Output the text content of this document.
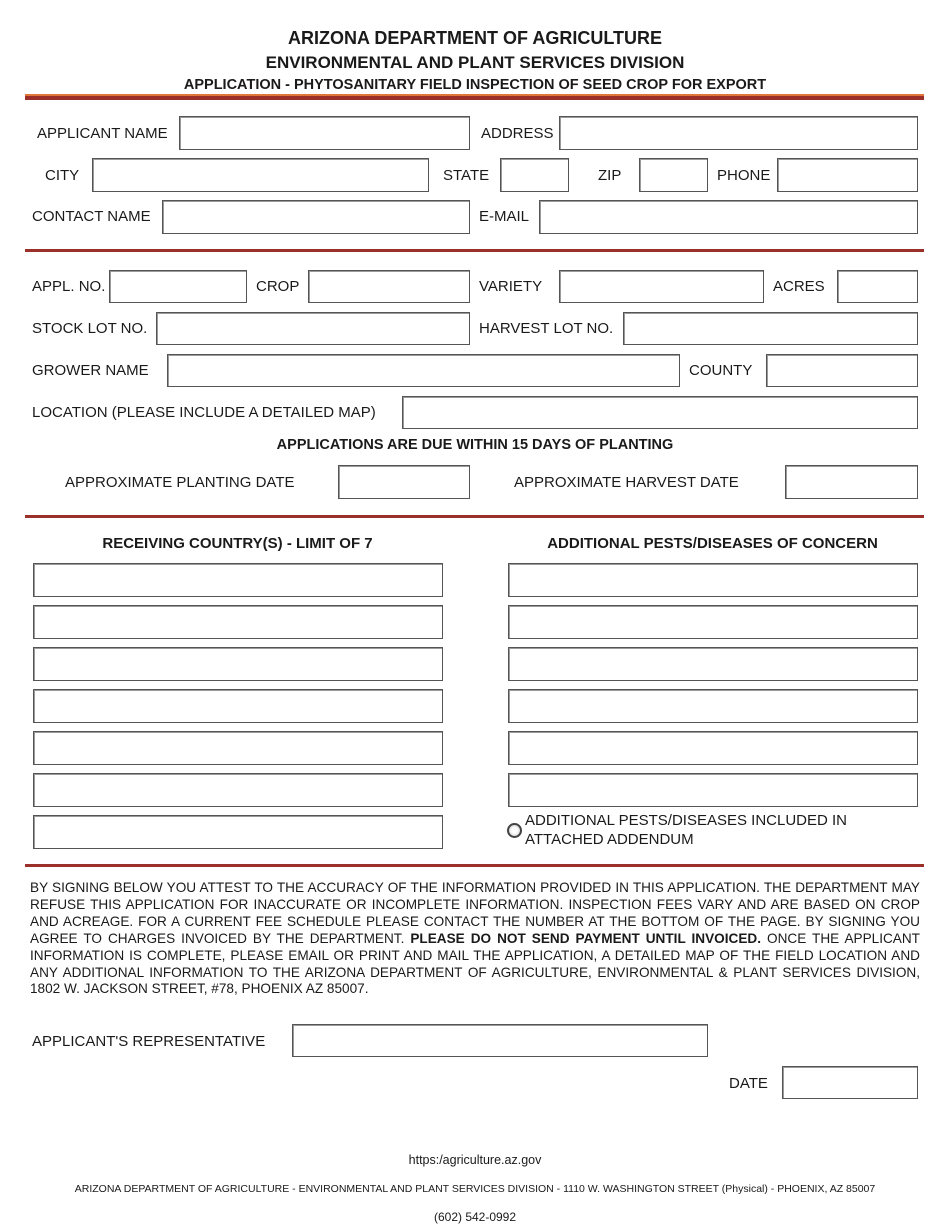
ARIZONA DEPARTMENT OF AGRICULTURE
ENVIRONMENTAL AND PLANT SERVICES DIVISION
APPLICATION - PHYTOSANITARY FIELD INSPECTION OF SEED CROP FOR EXPORT
APPLICANT NAME	ADDRESS
CITY	STATE	ZIP	PHONE
CONTACT NAME	E-MAIL
APPL. NO.	CROP	VARIETY	ACRES
STOCK LOT NO.	HARVEST LOT NO.
GROWER NAME	COUNTY
LOCATION (PLEASE INCLUDE A DETAILED MAP)
APPLICATIONS ARE DUE WITHIN 15 DAYS OF PLANTING
APPROXIMATE PLANTING DATE	APPROXIMATE HARVEST DATE
RECEIVING COUNTRY(S) - LIMIT OF 7	ADDITIONAL PESTS/DISEASES OF CONCERN
ADDITIONAL PESTS/DISEASES INCLUDED IN
ATTACHED ADDENDUM
BY SIGNING BELOW YOU ATTEST TO THE ACCURACY OF THE INFORMATION PROVIDED IN THIS APPLICATION. THE DEPARTMENT MAY REFUSE THIS APPLICATION FOR INACCURATE OR INCOMPLETE INFORMATION. INSPECTION FEES VARY AND ARE BASED ON CROP AND ACREAGE. FOR A CURRENT FEE SCHEDULE PLEASE CONTACT THE NUMBER AT THE BOTTOM OF THE PAGE. BY SIGNING YOU AGREE TO CHARGES INVOICED BY THE DEPARTMENT. PLEASE DO NOT SEND PAYMENT UNTIL INVOICED. ONCE THE APPLICANT INFORMATION IS COMPLETE, PLEASE EMAIL OR PRINT AND MAIL THE APPLICATION, A DETAILED MAP OF THE FIELD LOCATION AND ANY ADDITIONAL INFORMATION TO THE ARIZONA DEPARTMENT OF AGRICULTURE, ENVIRONMENTAL & PLANT SERVICES DIVISION, 1802 W. JACKSON STREET, #78, PHOENIX AZ 85007.
APPLICANT'S REPRESENTATIVE
DATE
https:/agriculture.az.gov
ARIZONA DEPARTMENT OF AGRICULTURE - ENVIRONMENTAL AND PLANT SERVICES DIVISION - 1110 W. WASHINGTON STREET (Physical) - PHOENIX, AZ 85007
(602) 542-0992
